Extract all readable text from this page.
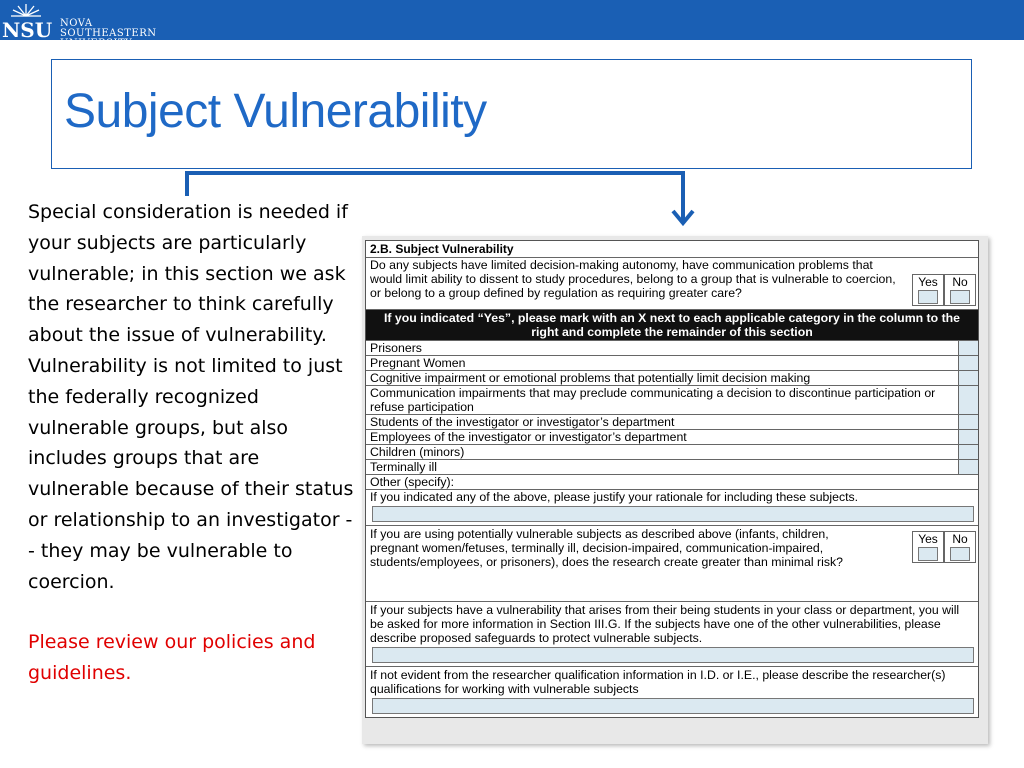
NSU NOVA SOUTHEASTERN
UNIVERSITY
Subject Vulnerability
Special consideration is needed if your subjects are particularly vulnerable; in this section we ask the researcher to think carefully about the issue of vulnerability. Vulnerability is not limited to just the federally recognized vulnerable groups, but also includes groups that are vulnerable because of their status or relationship to an investigator -- they may be vulnerable to coercion.
Please review our policies and guidelines.
2.B. Subject Vulnerability
Do any subjects have limited decision-making autonomy, have communication problems that would limit ability to dissent to study procedures, belong to a group that is vulnerable to coercion, or belong to a group defined by regulation as requiring greater care?
Yes	No
If you indicated “Yes”, please mark with an X next to each applicable category in the column to the right and complete the remainder of this section
Prisoners
Pregnant Women
Cognitive impairment or emotional problems that potentially limit decision making
Communication impairments that may preclude communicating a decision to discontinue participation or refuse participation
Students of the investigator or investigator’s department
Employees of the investigator or investigator’s department
Children (minors)
Terminally ill
Other (specify):
If you indicated any of the above, please justify your rationale for including these subjects.
If you are using potentially vulnerable subjects as described above (infants, children, pregnant women/fetuses, terminally ill, decision-impaired, communication-impaired, students/employees, or prisoners), does the research create greater than minimal risk?
Yes	No
If your subjects have a vulnerability that arises from their being students in your class or department, you will be asked for more information in Section III.G. If the subjects have one of the other vulnerabilities, please describe proposed safeguards to protect vulnerable subjects.
If not evident from the researcher qualification information in I.D. or I.E., please describe the researcher(s) qualifications for working with vulnerable subjects
